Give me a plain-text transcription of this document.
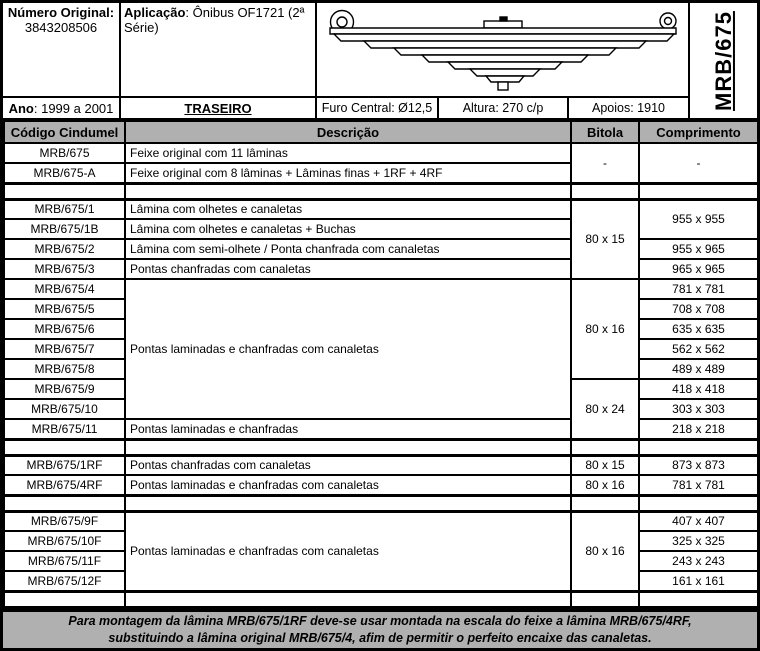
Número Original:
3843208506
Aplicação: Ônibus OF1721 (2ª Série)	MRB/675
Ano : 1999 a 2001	TRASEIRO	Furo Central: Ø12,5	Altura: 270 c/p	Apoios: 1910
Código Cindumel	Descrição	Bitola	Comprimento
MRB/675	Feixe original com 11 lâminas	-	-
MRB/675-A	Feixe original com 8 lâminas + Lâminas finas + 1RF + 4RF		

MRB/675/1	Lâmina com olhetes e canaletas	80 x 15	955 x 955
MRB/675/1B	Lâmina com olhetes e canaletas + Buchas		
MRB/675/2	Lâmina com semi-olhete / Ponta chanfrada com canaletas		955 x 965
MRB/675/3	Pontas chanfradas com canaletas		965 x 965
MRB/675/4	Pontas laminadas e chanfradas com canaletas	80 x 16	781 x 781
MRB/675/5			708 x 708
MRB/675/6			635 x 635
MRB/675/7			562 x 562
MRB/675/8			489 x 489
MRB/675/9		80 x 24	418 x 418
MRB/675/10			303 x 303
MRB/675/11	Pontas laminadas e chanfradas		218 x 218

MRB/675/1RF	Pontas chanfradas com canaletas	80 x 15	873 x 873
MRB/675/4RF	Pontas laminadas e chanfradas com canaletas	80 x 16	781 x 781

MRB/675/9F	Pontas laminadas e chanfradas com canaletas	80 x 16	407 x 407
MRB/675/10F			325 x 325
MRB/675/11F			243 x 243
MRB/675/12F			161 x 161

Para montagem da lâmina MRB/675/1RF deve-se usar montada na escala do feixe a lâmina MRB/675/4RF, substituindo a lâmina original MRB/675/4, afim de permitir o perfeito encaixe das canaletas.
